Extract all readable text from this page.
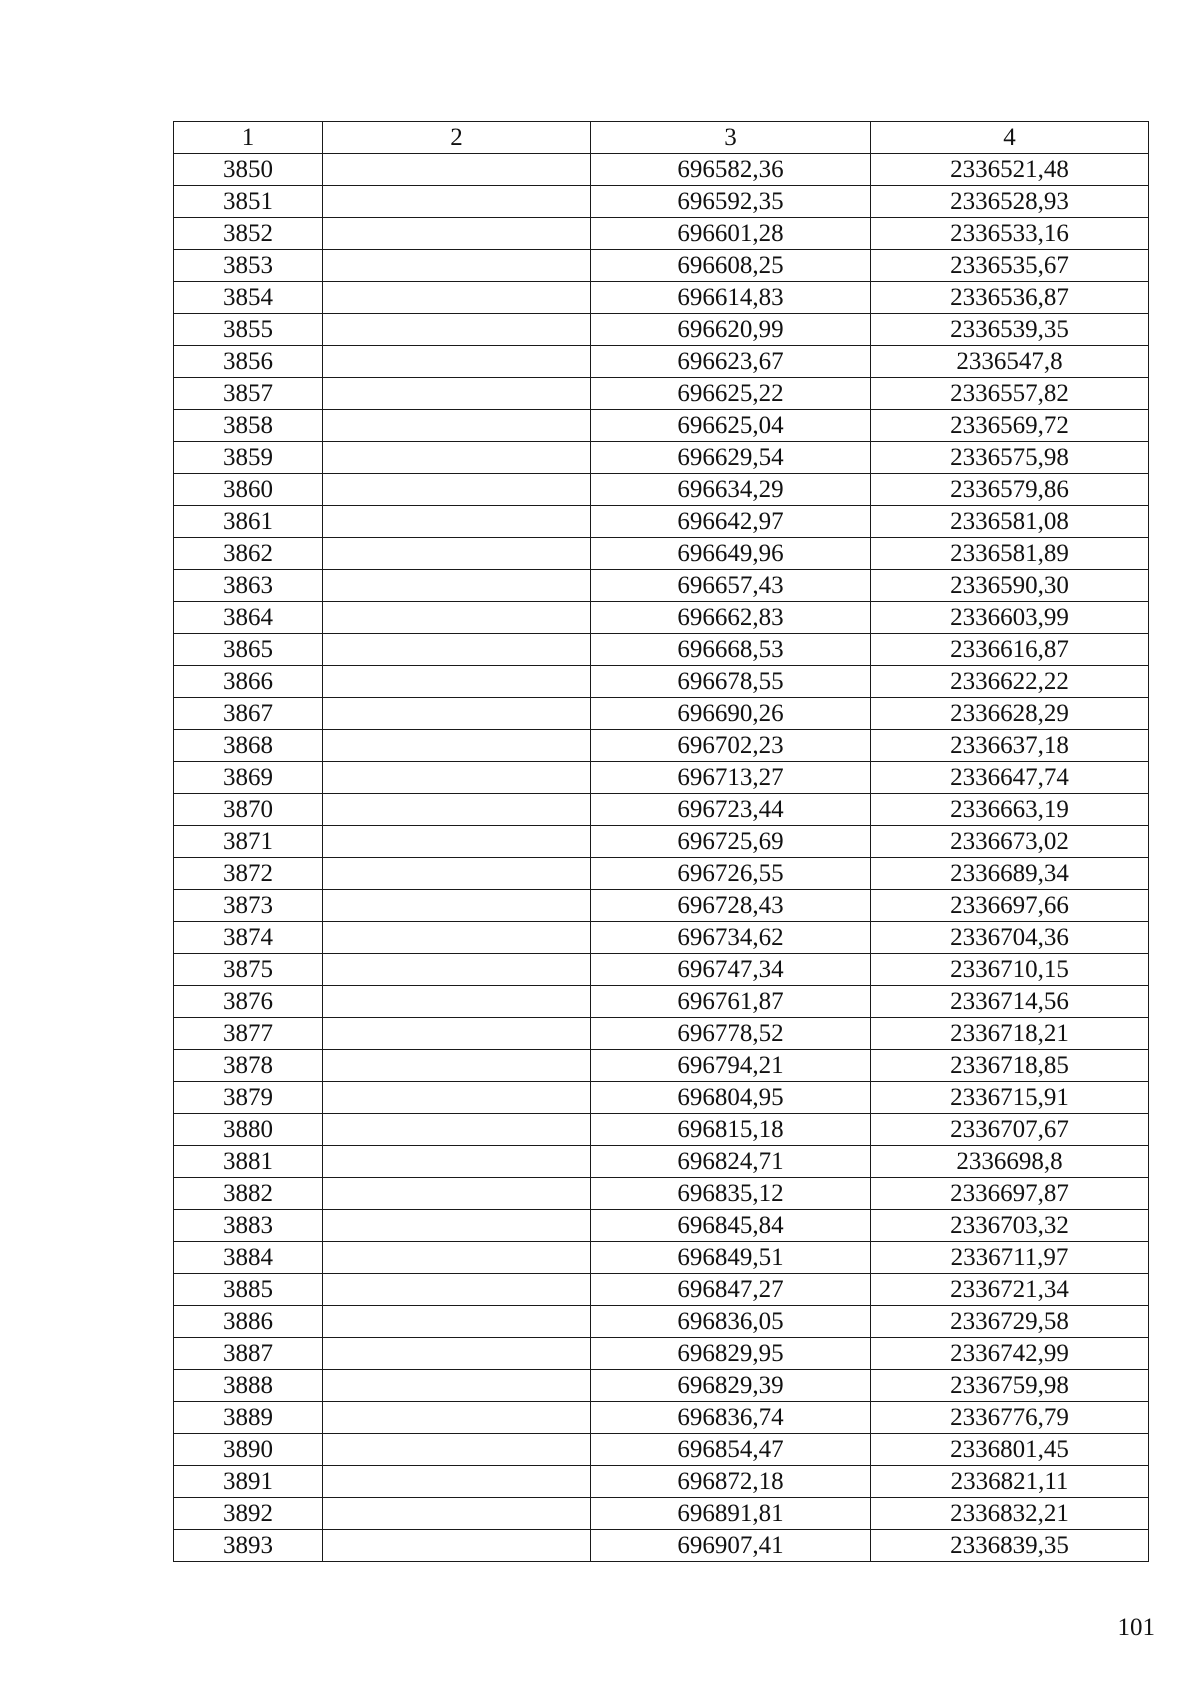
1	2	3	4
3850		696582,36	2336521,48
3851		696592,35	2336528,93
3852		696601,28	2336533,16
3853		696608,25	2336535,67
3854		696614,83	2336536,87
3855		696620,99	2336539,35
3856		696623,67	2336547,8
3857		696625,22	2336557,82
3858		696625,04	2336569,72
3859		696629,54	2336575,98
3860		696634,29	2336579,86
3861		696642,97	2336581,08
3862		696649,96	2336581,89
3863		696657,43	2336590,30
3864		696662,83	2336603,99
3865		696668,53	2336616,87
3866		696678,55	2336622,22
3867		696690,26	2336628,29
3868		696702,23	2336637,18
3869		696713,27	2336647,74
3870		696723,44	2336663,19
3871		696725,69	2336673,02
3872		696726,55	2336689,34
3873		696728,43	2336697,66
3874		696734,62	2336704,36
3875		696747,34	2336710,15
3876		696761,87	2336714,56
3877		696778,52	2336718,21
3878		696794,21	2336718,85
3879		696804,95	2336715,91
3880		696815,18	2336707,67
3881		696824,71	2336698,8
3882		696835,12	2336697,87
3883		696845,84	2336703,32
3884		696849,51	2336711,97
3885		696847,27	2336721,34
3886		696836,05	2336729,58
3887		696829,95	2336742,99
3888		696829,39	2336759,98
3889		696836,74	2336776,79
3890		696854,47	2336801,45
3891		696872,18	2336821,11
3892		696891,81	2336832,21
3893		696907,41	2336839,35
101
